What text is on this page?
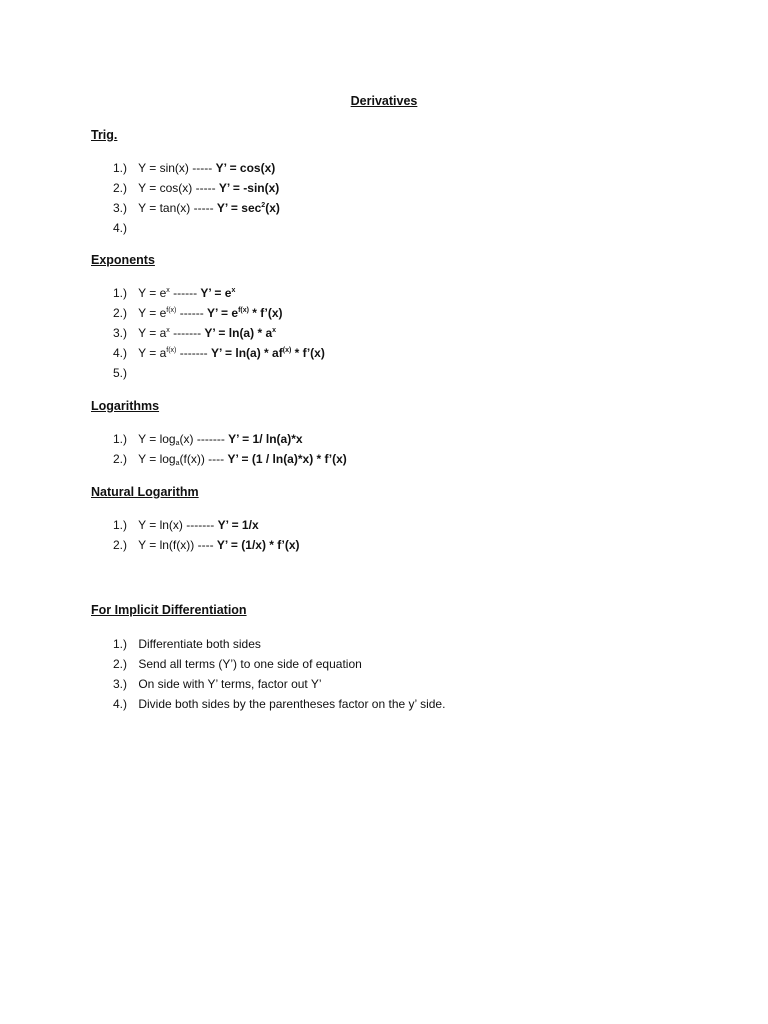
Derivatives
Trig.
1.) Y = sin(x) ----- Y’ = cos(x)
2.) Y = cos(x) ----- Y’ = -sin(x)
3.) Y = tan(x) ----- Y’ = $\sec^2(x)$
4.)
Exponents
1.) $Y = e^x$ ------ Y’ = $e^x$
2.) $Y = e^{f(x)}$ ------ Y’ = $e^{f(x)}$ * f’(x)
3.) $Y = a^x$ ------- Y’ = $\ln(a) * a^x$
4.) $Y = a^{f(x)}$ ------- Y’ = $\ln(a) * af^{(x)}$ * f’(x)
5.)
Logarithms
1.) $Y = \log_a(x)$ ------- Y’ = 1/ ln(a)*x
2.) $Y = \log_a(f(x))$ ---- Y’ = (1 / ln(a)*x) * f’(x)
Natural Logarithm
1.) Y = ln(x) ------- Y’ = 1/x
2.) Y = ln(f(x)) ---- Y’ = (1/x) * f’(x)
For Implicit Differentiation
1.) Differentiate both sides
2.) Send all terms (Y’) to one side of equation
3.) On side with Y’ terms, factor out Y’
4.) Divide both sides by the parentheses factor on the y’ side.
